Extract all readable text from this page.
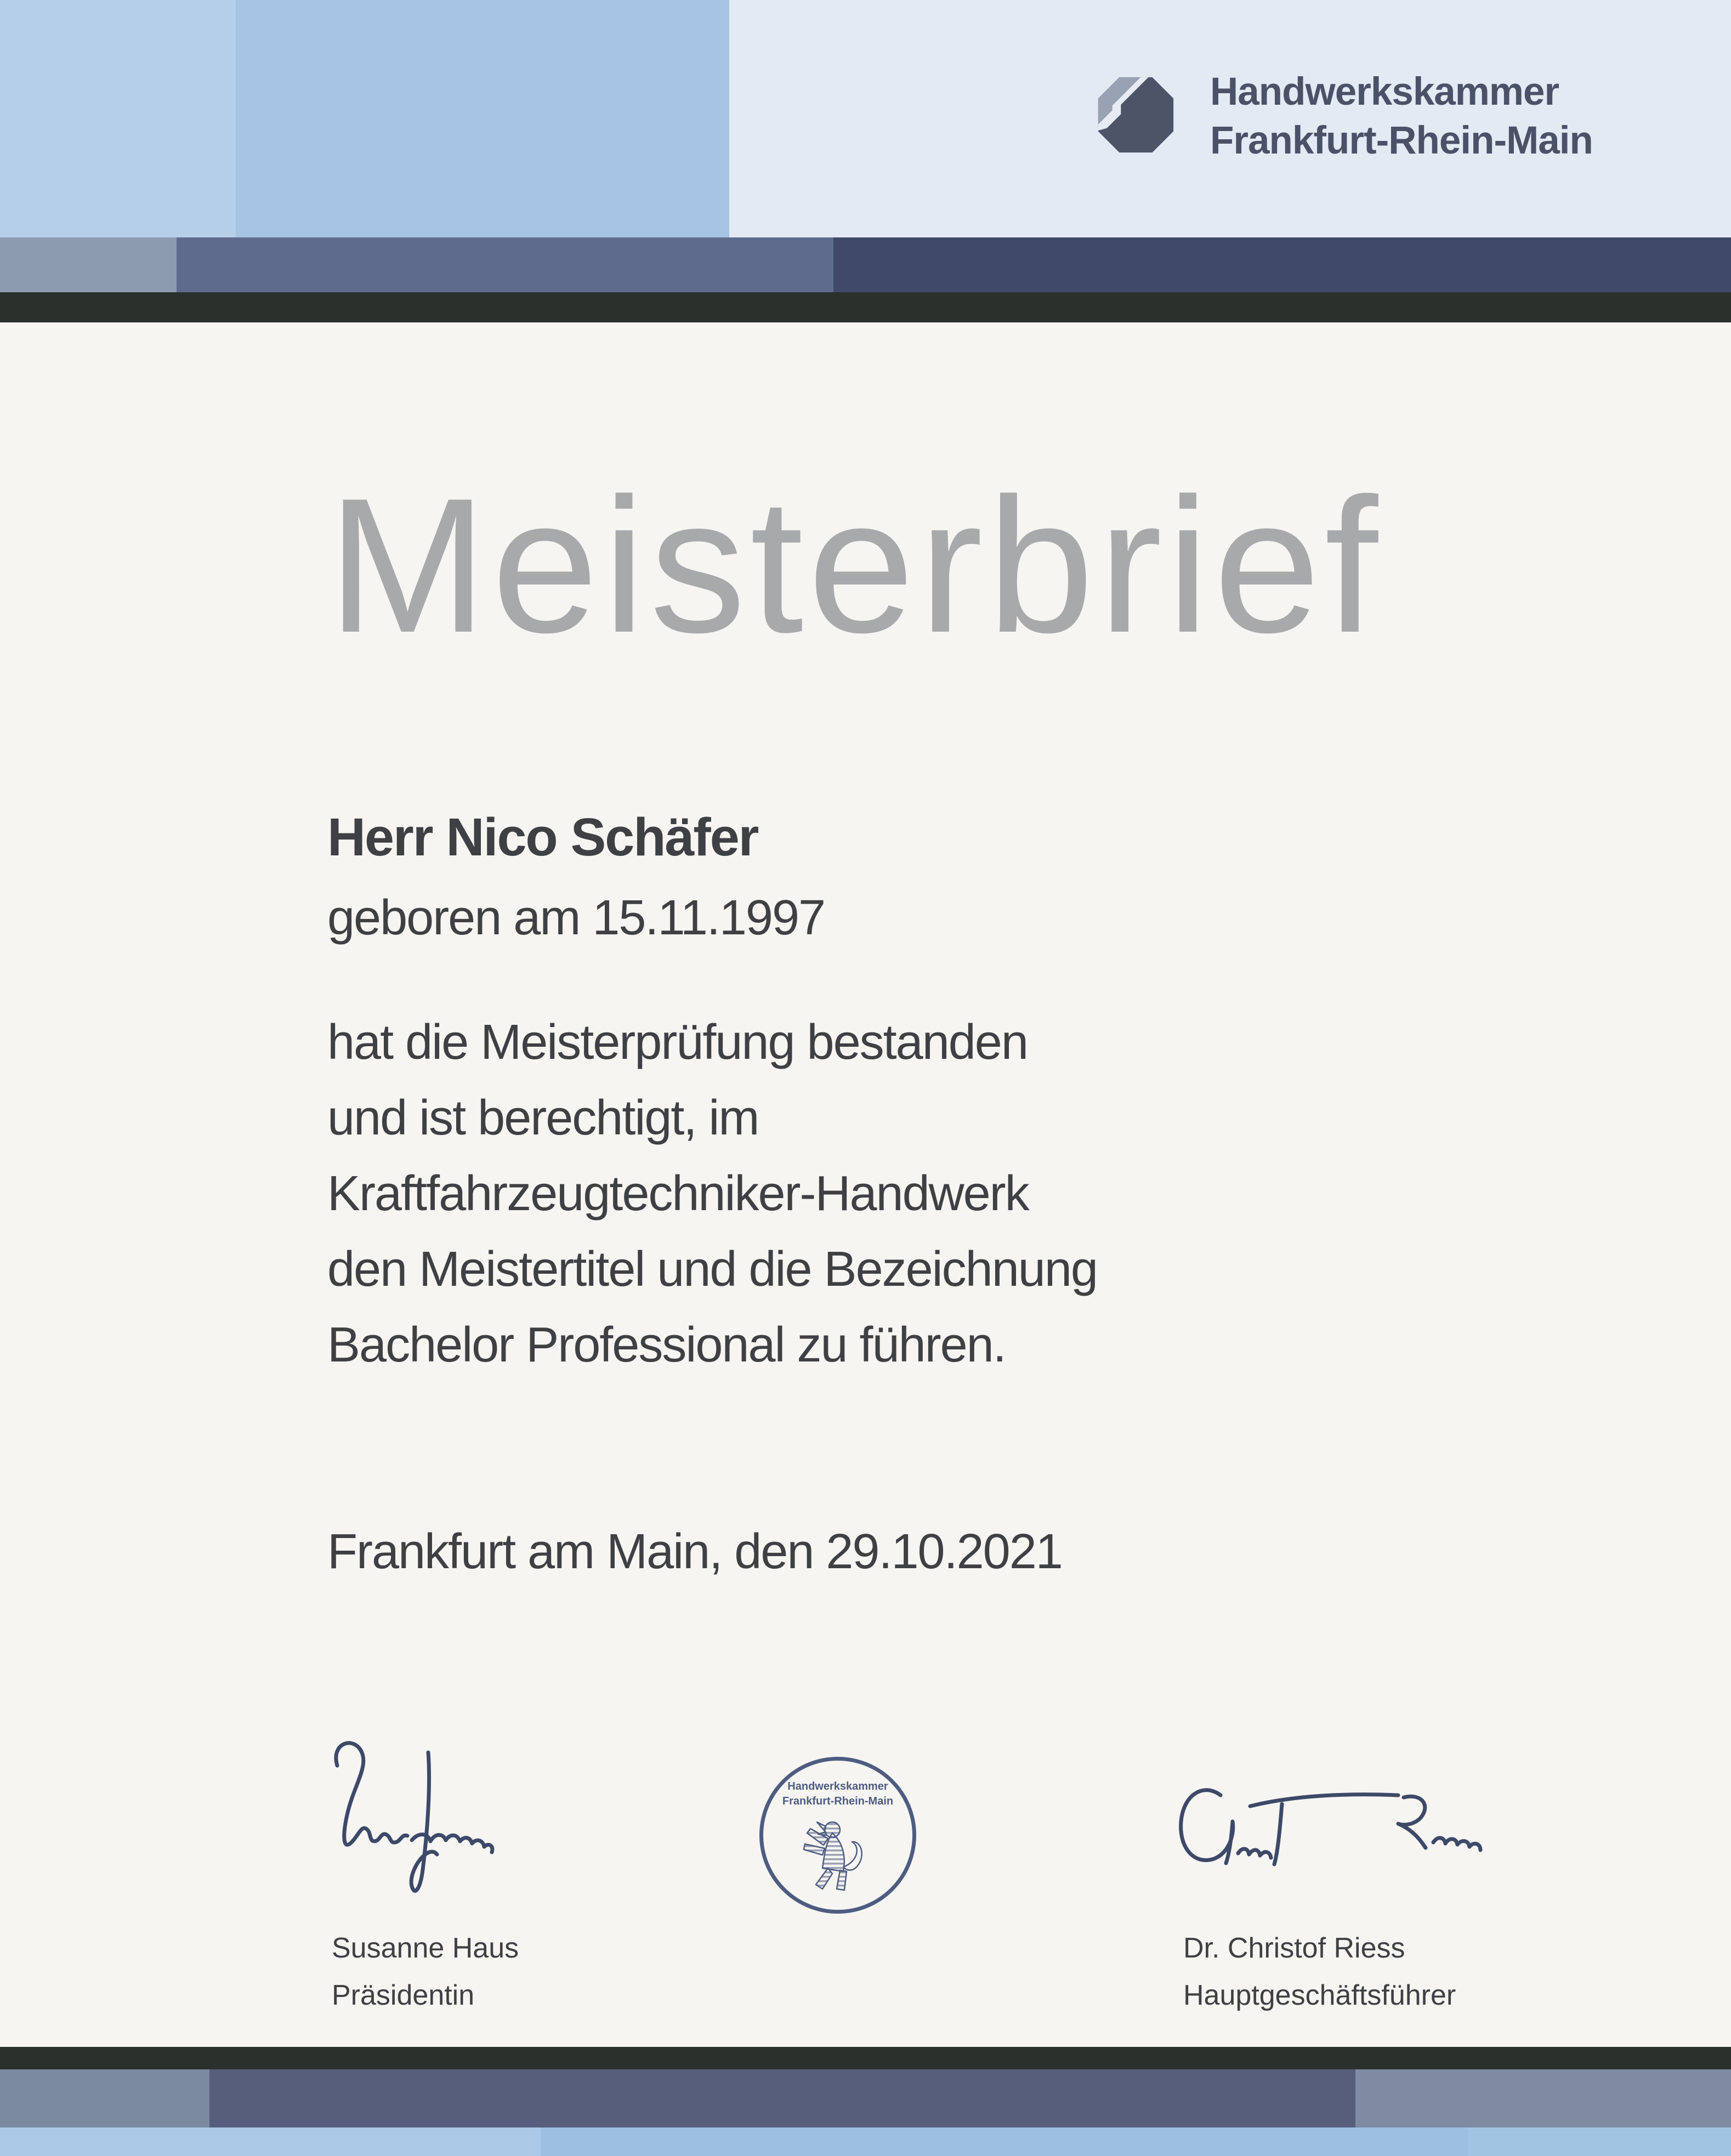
Handwerkskammer
Frankfurt-Rhein-Main
Meisterbrief
Herr Nico Schäfer
geboren am 15.11.1997
hat die Meisterprüfung bestanden
und ist berechtigt, im
Kraftfahrzeugtechniker-Handwerk
den Meistertitel und die Bezeichnung
Bachelor Professional zu führen.
Frankfurt am Main, den 29.10.2021
Susanne Haus
Präsidentin
Handwerkskammer
Frankfurt-Rhein-Main
Dr. Christof Riess
Hauptgeschäftsführer
